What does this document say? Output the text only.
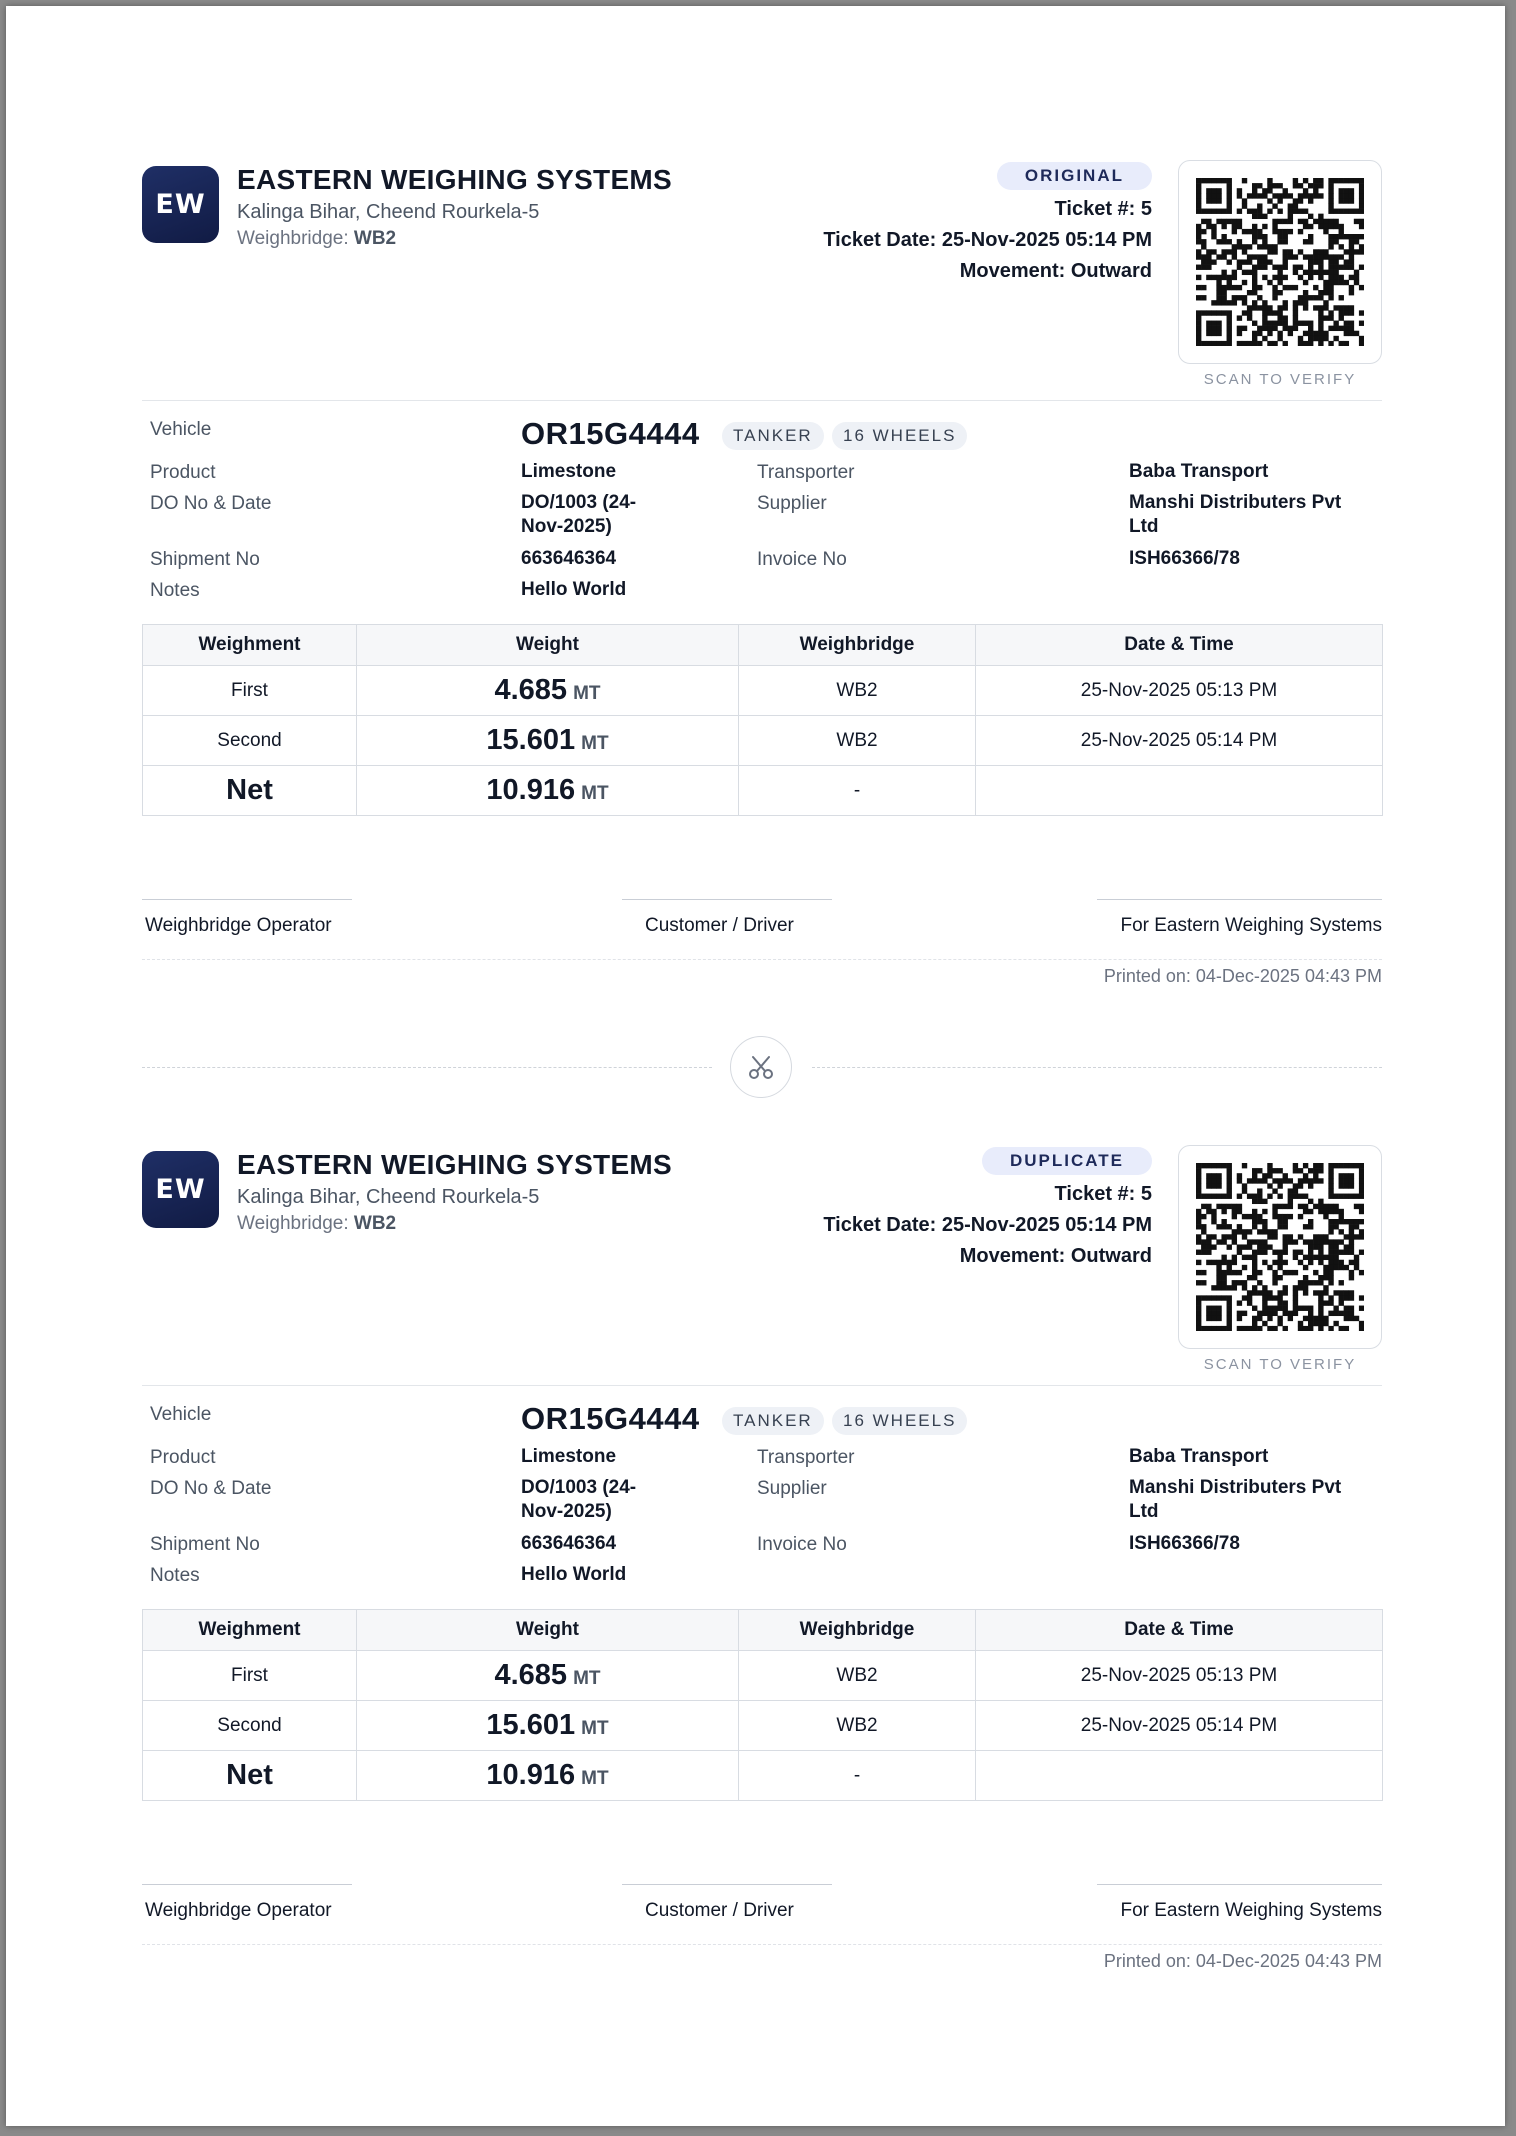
EW
EASTERN WEIGHING SYSTEMS
Kalinga Bihar, Cheend Rourkela-5
Weighbridge: WB2
ORIGINAL
Ticket #: 5
Ticket Date: 25-Nov-2025 05:14 PM
Movement: Outward
SCAN TO VERIFY
Vehicle	OR15G4444	TANKER	16 WHEELS
Product	Limestone	Transporter	Baba Transport
DO No & Date	DO/1003 (24-
Nov-2025)
Supplier	Manshi Distributers Pvt
Ltd
Shipment No	663646364	Invoice No	ISH66366/78
Notes	Hello World
Weighment	Weight	Weighbridge	Date & Time
First	4.685 MT	WB2	25-Nov-2025 05:13 PM
Second	15.601 MT	WB2	25-Nov-2025 05:14 PM
Net	10.916 MT	-	
Weighbridge Operator	Customer / Driver	For Eastern Weighing Systems
Printed on: 04-Dec-2025 04:43 PM
EW
EASTERN WEIGHING SYSTEMS
Kalinga Bihar, Cheend Rourkela-5
Weighbridge: WB2
DUPLICATE
Ticket #: 5
Ticket Date: 25-Nov-2025 05:14 PM
Movement: Outward
SCAN TO VERIFY
Vehicle	OR15G4444	TANKER	16 WHEELS
Product	Limestone	Transporter	Baba Transport
DO No & Date	DO/1003 (24-
Nov-2025)
Supplier	Manshi Distributers Pvt
Ltd
Shipment No	663646364	Invoice No	ISH66366/78
Notes	Hello World
Weighment	Weight	Weighbridge	Date & Time
First	4.685 MT	WB2	25-Nov-2025 05:13 PM
Second	15.601 MT	WB2	25-Nov-2025 05:14 PM
Net	10.916 MT	-	
Weighbridge Operator	Customer / Driver	For Eastern Weighing Systems
Printed on: 04-Dec-2025 04:43 PM
